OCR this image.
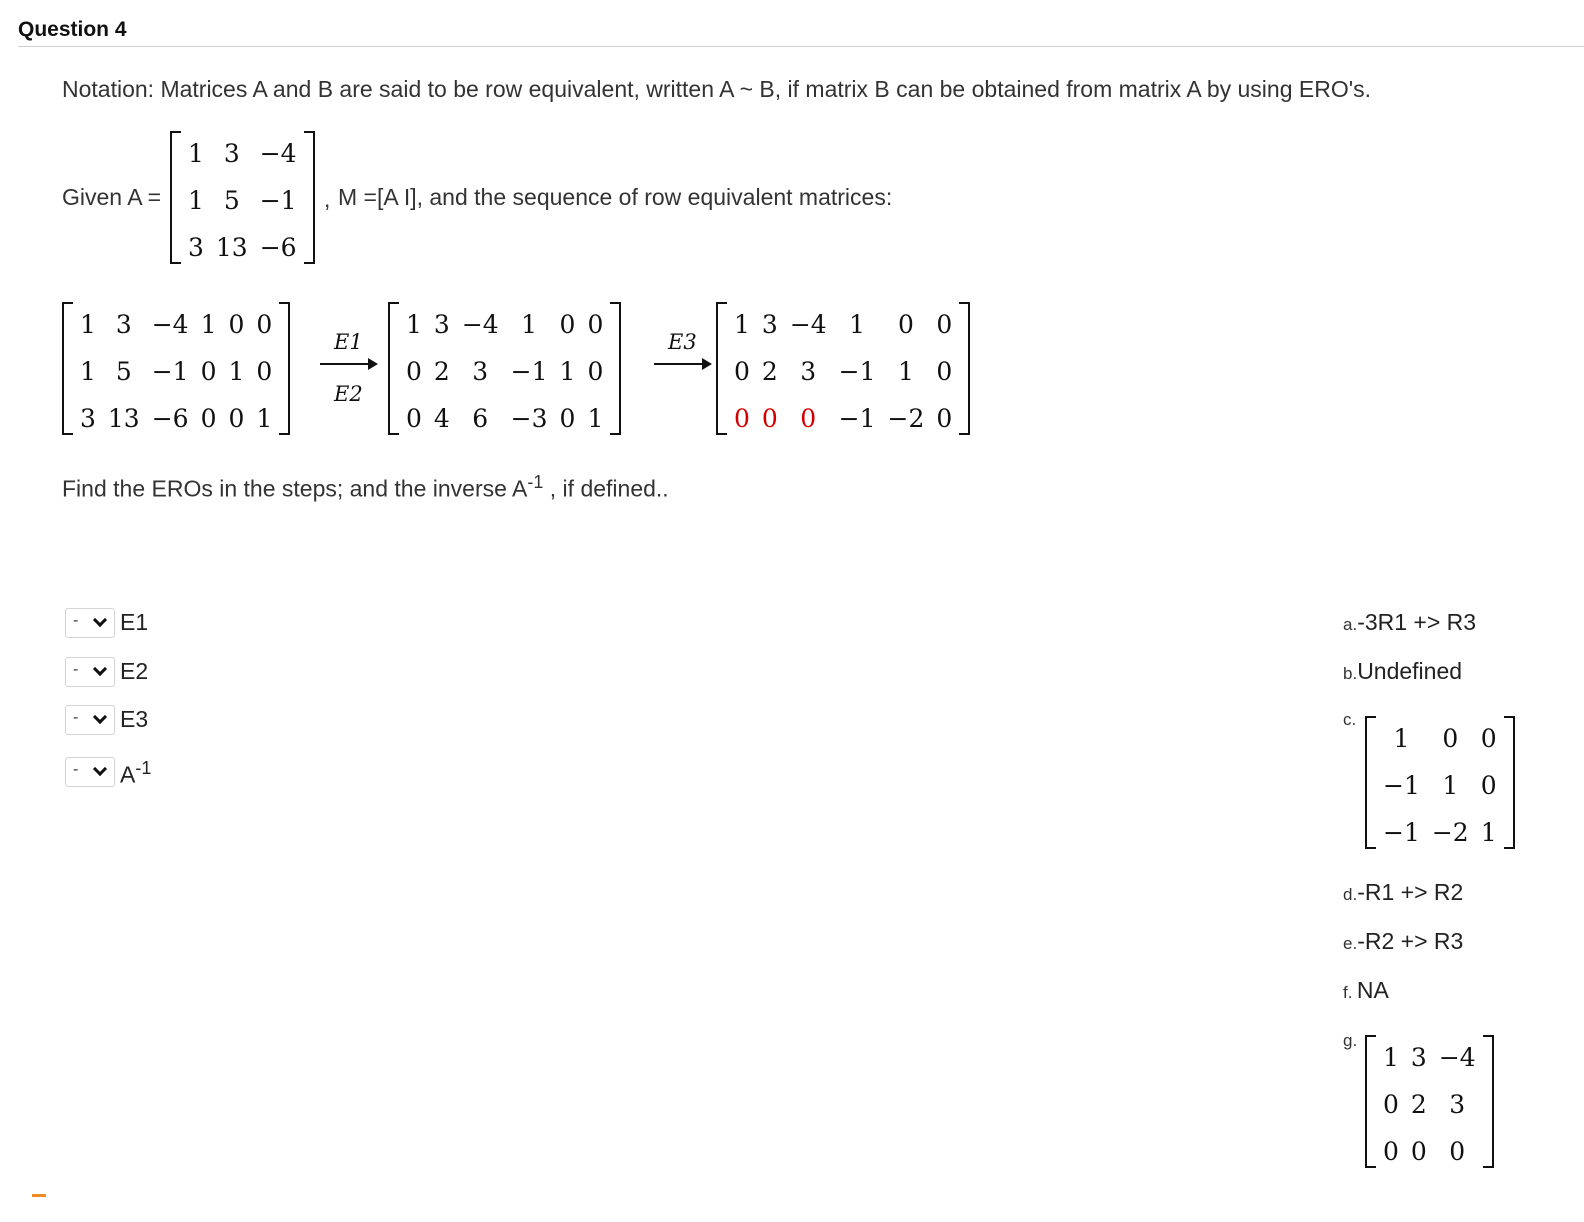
Question 4
Notation: Matrices A and B are said to be row equivalent, written A ~ B, if matrix B can be obtained from matrix A by using ERO's.
Given A =
1	3	−4
1	5	−1
3	13	−6
, M =[A I], and the sequence of row equivalent matrices:
1	3	−4	1	0	0
1	5	−1	0	1	0
3	13	−6	0	0	1
E1
E2
1	3	−4	1	0	0
0	2	3	−1	1	0
0	4	6	−3	0	1
E3
1	3	−4	1	0	0
0	2	3	−1	1	0
0	0	0	−1	−2	0
Find the EROs in the steps; and the inverse $A^{-1}$ , if defined..
- E1
- E2
- E3
- $A^{-1}$
a.-3R1 +> R3
b.Undefined
c.
1	0	0
−1	1	0
−1	−2	1
d.-R1 +> R2
e.-R2 +> R3
f. NA
g.
1	3	−4
0	2	3
0	0	0
